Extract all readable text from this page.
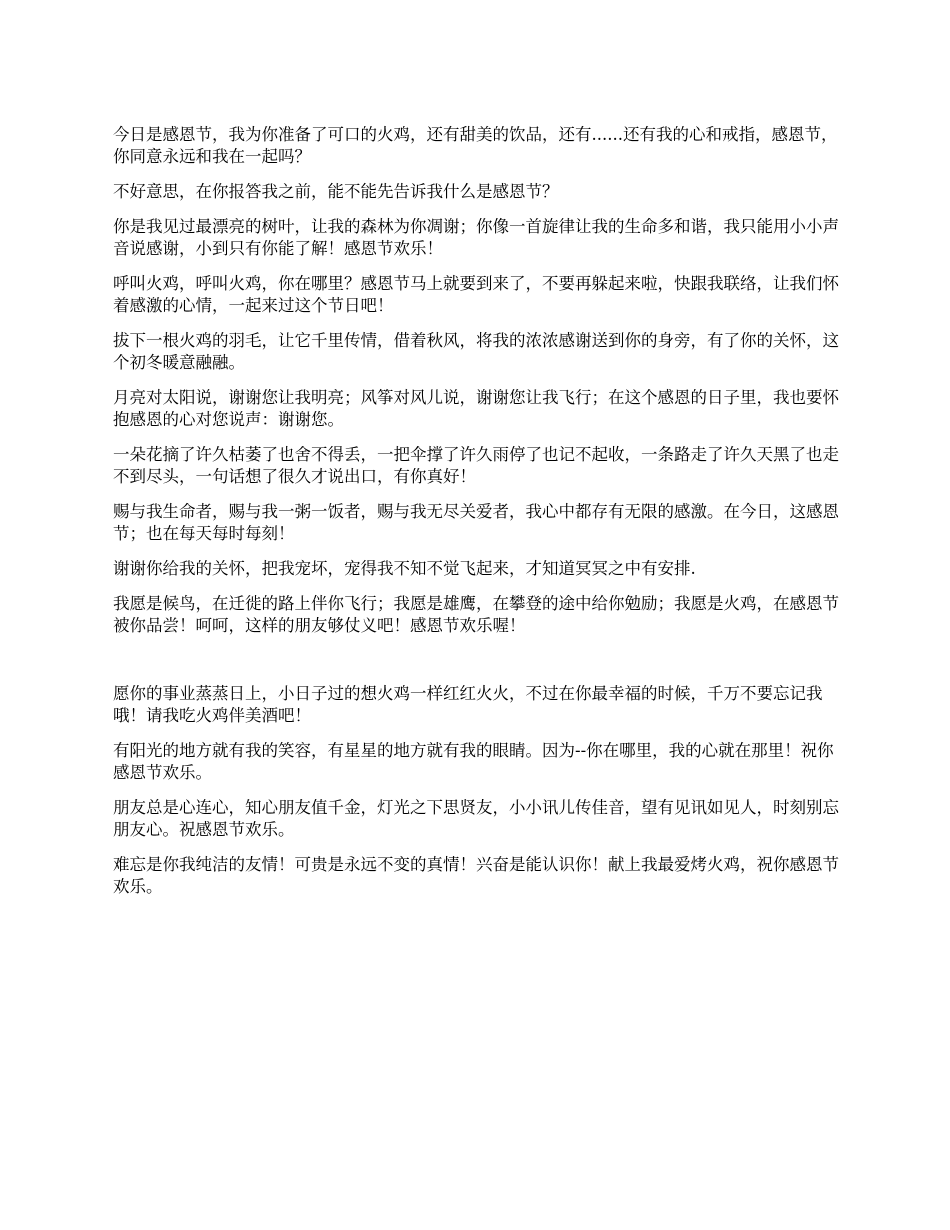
今日是感恩节，我为你准备了可口的火鸡，还有甜美的饮品，还有......还有我的心和戒指，感恩节，你同意永远和我在一起吗？

不好意思，在你报答我之前，能不能先告诉我什么是感恩节？

你是我见过最漂亮的树叶，让我的森林为你凋谢；你像一首旋律让我的生命多和谐，我只能用小小声音说感谢，小到只有你能了解！感恩节欢乐！

呼叫火鸡，呼叫火鸡，你在哪里？感恩节马上就要到来了，不要再躲起来啦，快跟我联络，让我们怀着感激的心情，一起来过这个节日吧！

拔下一根火鸡的羽毛，让它千里传情，借着秋风，将我的浓浓感谢送到你的身旁，有了你的关怀，这个初冬暖意融融。

月亮对太阳说，谢谢您让我明亮；风筝对风儿说，谢谢您让我飞行；在这个感恩的日子里，我也要怀抱感恩的心对您说声：谢谢您。

一朵花摘了许久枯萎了也舍不得丢，一把伞撑了许久雨停了也记不起收，一条路走了许久天黑了也走不到尽头，一句话想了很久才说出口，有你真好！

赐与我生命者，赐与我一粥一饭者，赐与我无尽关爱者，我心中都存有无限的感激。在今日，这感恩节；也在每天每时每刻！

谢谢你给我的关怀，把我宠坏，宠得我不知不觉飞起来，才知道冥冥之中有安排.

我愿是候鸟，在迁徙的路上伴你飞行；我愿是雄鹰，在攀登的途中给你勉励；我愿是火鸡，在感恩节被你品尝！呵呵，这样的朋友够仗义吧！感恩节欢乐喔！

愿你的事业蒸蒸日上，小日子过的想火鸡一样红红火火，不过在你最幸福的时候，千万不要忘记我哦！请我吃火鸡伴美酒吧！

有阳光的地方就有我的笑容，有星星的地方就有我的眼睛。因为--你在哪里，我的心就在那里！祝你感恩节欢乐。

朋友总是心连心，知心朋友值千金，灯光之下思贤友，小小讯儿传佳音，望有见讯如见人，时刻别忘朋友心。祝感恩节欢乐。

难忘是你我纯洁的友情！可贵是永远不变的真情！兴奋是能认识你！献上我最爱烤火鸡，祝你感恩节欢乐。
